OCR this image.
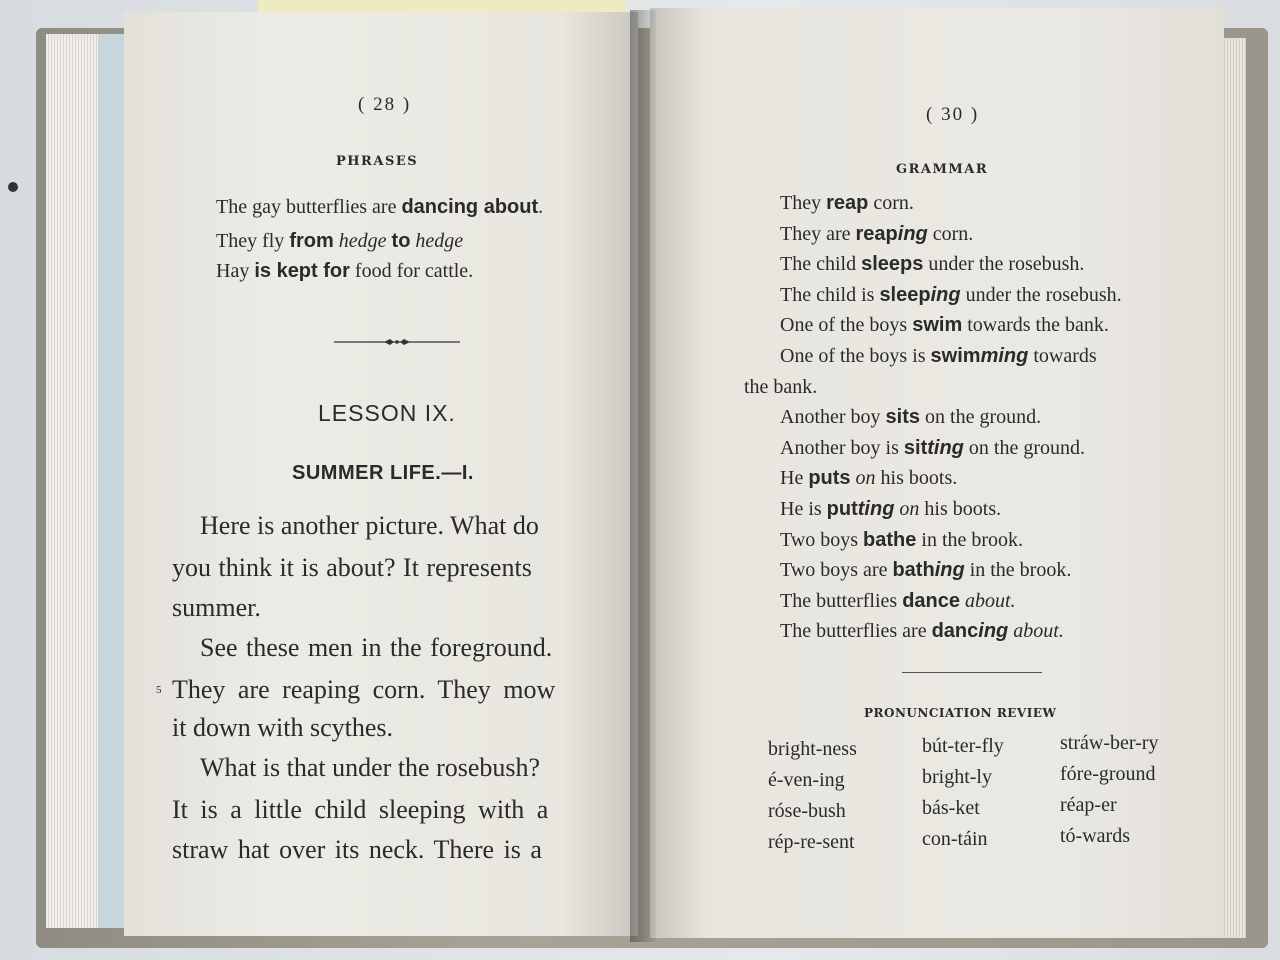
( 28 )
PHRASES
The gay butterflies are dancing about.
They fly from hedge to hedge
Hay is kept for food for cattle.
LESSON IX.
SUMMER LIFE.—I.
Here is another picture. What do
you think it is about? It represents
summer.
See these men in the foreground.
5 They are reaping corn. They mow
it down with scythes.
What is that under the rosebush?
It is a little child sleeping with a
straw hat over its neck. There is a
( 30 )
GRAMMAR
They reap corn.
They are reaping corn.
The child sleeps under the rosebush.
The child is sleeping under the rosebush.
One of the boys swim towards the bank.
One of the boys is swimming towards
the bank.
Another boy sits on the ground.
Another boy is sitting on the ground.
He puts on his boots.
He is putting on his boots.
Two boys bathe in the brook.
Two boys are bathing in the brook.
The butterflies dance about.
The butterflies are dancing about.
PRONUNCIATION REVIEW
bright-ness	bút-ter-fly	stráw-ber-ry
é-ven-ing	bright-ly	fóre-ground
róse-bush	bás-ket	réap-er
rép-re-sent	con-táin	tó-wards
